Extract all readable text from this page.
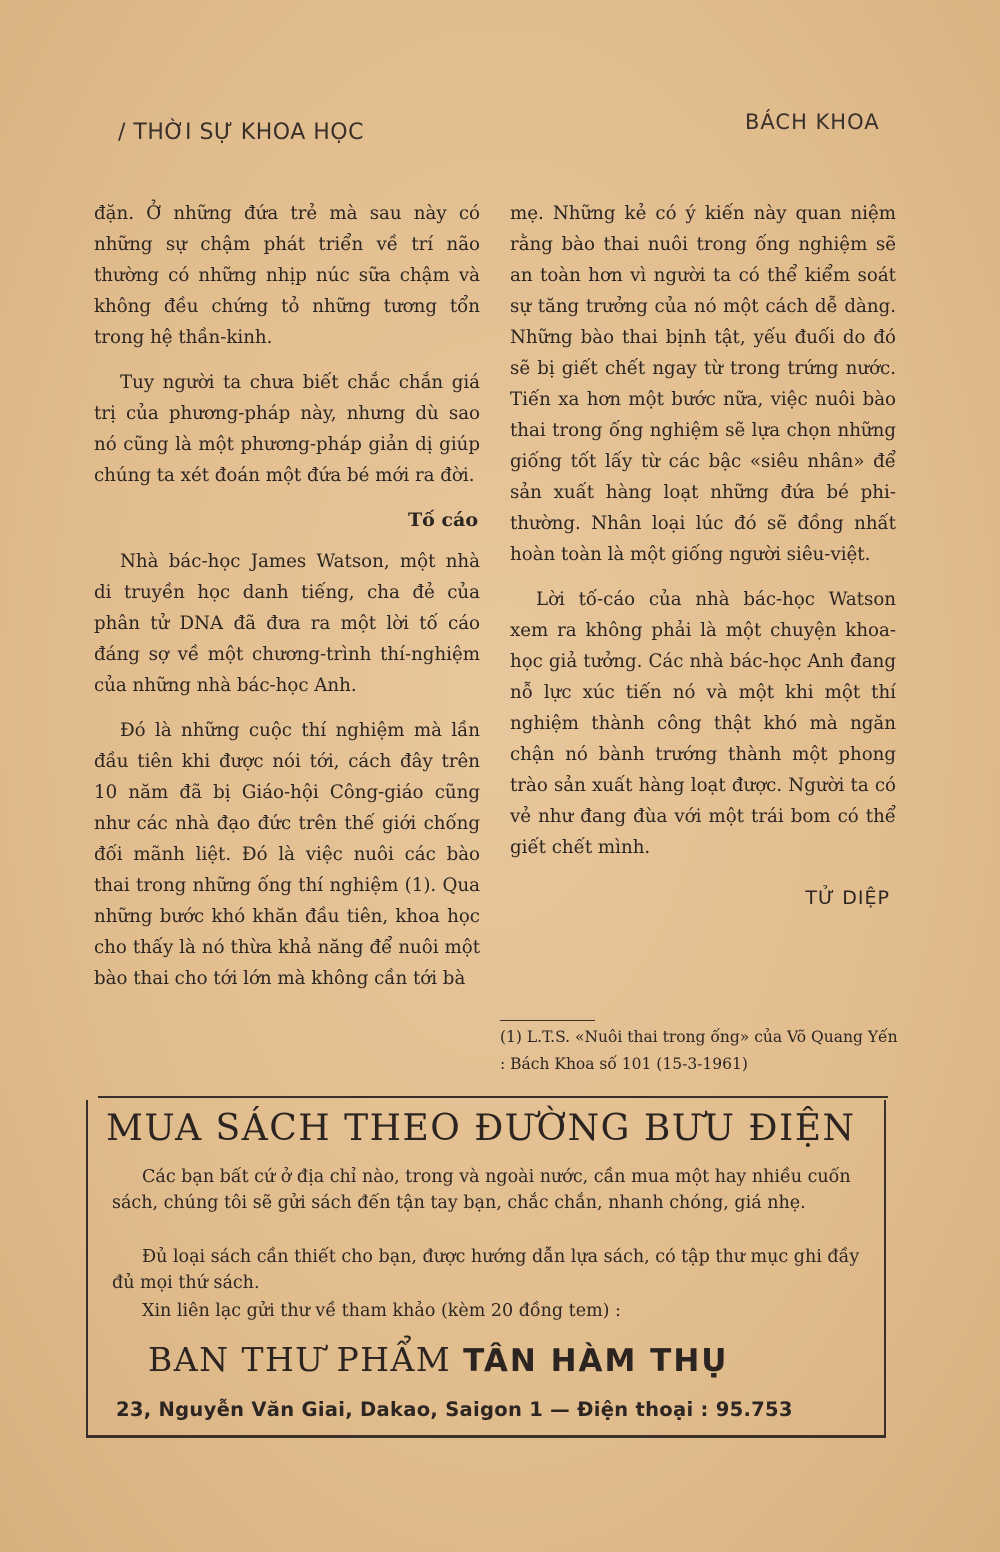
/ THỜI SỰ KHOA HỌC	BÁCH KHOA

đặn. Ở những đứa trẻ mà sau này có những sự chậm phát triển về trí não thường có những nhịp núc sữa chậm và không đều chứng tỏ những tương tổn trong hệ thần-kinh.

Tuy người ta chưa biết chắc chắn giá trị của phương-pháp này, nhưng dù sao nó cũng là một phương-pháp giản dị giúp chúng ta xét đoán một đứa bé mới ra đời.

Tố cáo

Nhà bác-học James Watson, một nhà di truyền học danh tiếng, cha đẻ của phân tử DNA đã đưa ra một lời tố cáo đáng sợ về một chương-trình thí-nghiệm của những nhà bác-học Anh.

Đó là những cuộc thí nghiệm mà lần đầu tiên khi được nói tới, cách đây trên 10 năm đã bị Giáo-hội Công-giáo cũng như các nhà đạo đức trên thế giới chống đối mãnh liệt. Đó là việc nuôi các bào thai trong những ống thí nghiệm (1). Qua những bước khó khăn đầu tiên, khoa học cho thấy là nó thừa khả năng để nuôi một bào thai cho tới lớn mà không cần tới bà

mẹ. Những kẻ có ý kiến này quan niệm rằng bào thai nuôi trong ống nghiệm sẽ an toàn hơn vì người ta có thể kiểm soát sự tăng trưởng của nó một cách dễ dàng. Những bào thai bịnh tật, yếu đuối do đó sẽ bị giết chết ngay từ trong trứng nước. Tiến xa hơn một bước nữa, việc nuôi bào thai trong ống nghiệm sẽ lựa chọn những giống tốt lấy từ các bậc «siêu nhân» để sản xuất hàng loạt những đứa bé phi-thường. Nhân loại lúc đó sẽ đồng nhất hoàn toàn là một giống người siêu-việt.

Lời tố-cáo của nhà bác-học Watson xem ra không phải là một chuyện khoa-học giả tưởng. Các nhà bác-học Anh đang nỗ lực xúc tiến nó và một khi một thí nghiệm thành công thật khó mà ngăn chận nó bành trướng thành một phong trào sản xuất hàng loạt được. Người ta có vẻ như đang đùa với một trái bom có thể giết chết mình.

TỬ DIỆP
(1) L.T.S. «Nuôi thai trong ống» của Võ Quang Yến : Bách Khoa số 101 (15-3-1961)
MUA SÁCH THEO ĐƯỜNG BƯU ĐIỆN
Các bạn bất cứ ở địa chỉ nào, trong và ngoài nước, cần mua một hay nhiều cuốn sách, chúng tôi sẽ gửi sách đến tận tay bạn, chắc chắn, nhanh chóng, giá nhẹ.
Đủ loại sách cần thiết cho bạn, được hướng dẫn lựa sách, có tập thư mục ghi đầy đủ mọi thứ sách.
Xin liên lạc gửi thư về tham khảo (kèm 20 đồng tem) :
BAN THƯ PHẨM TÂN HÀM THỤ
23, Nguyễn Văn Giai, Dakao, Saigon 1 — Điện thoại : 95.753
